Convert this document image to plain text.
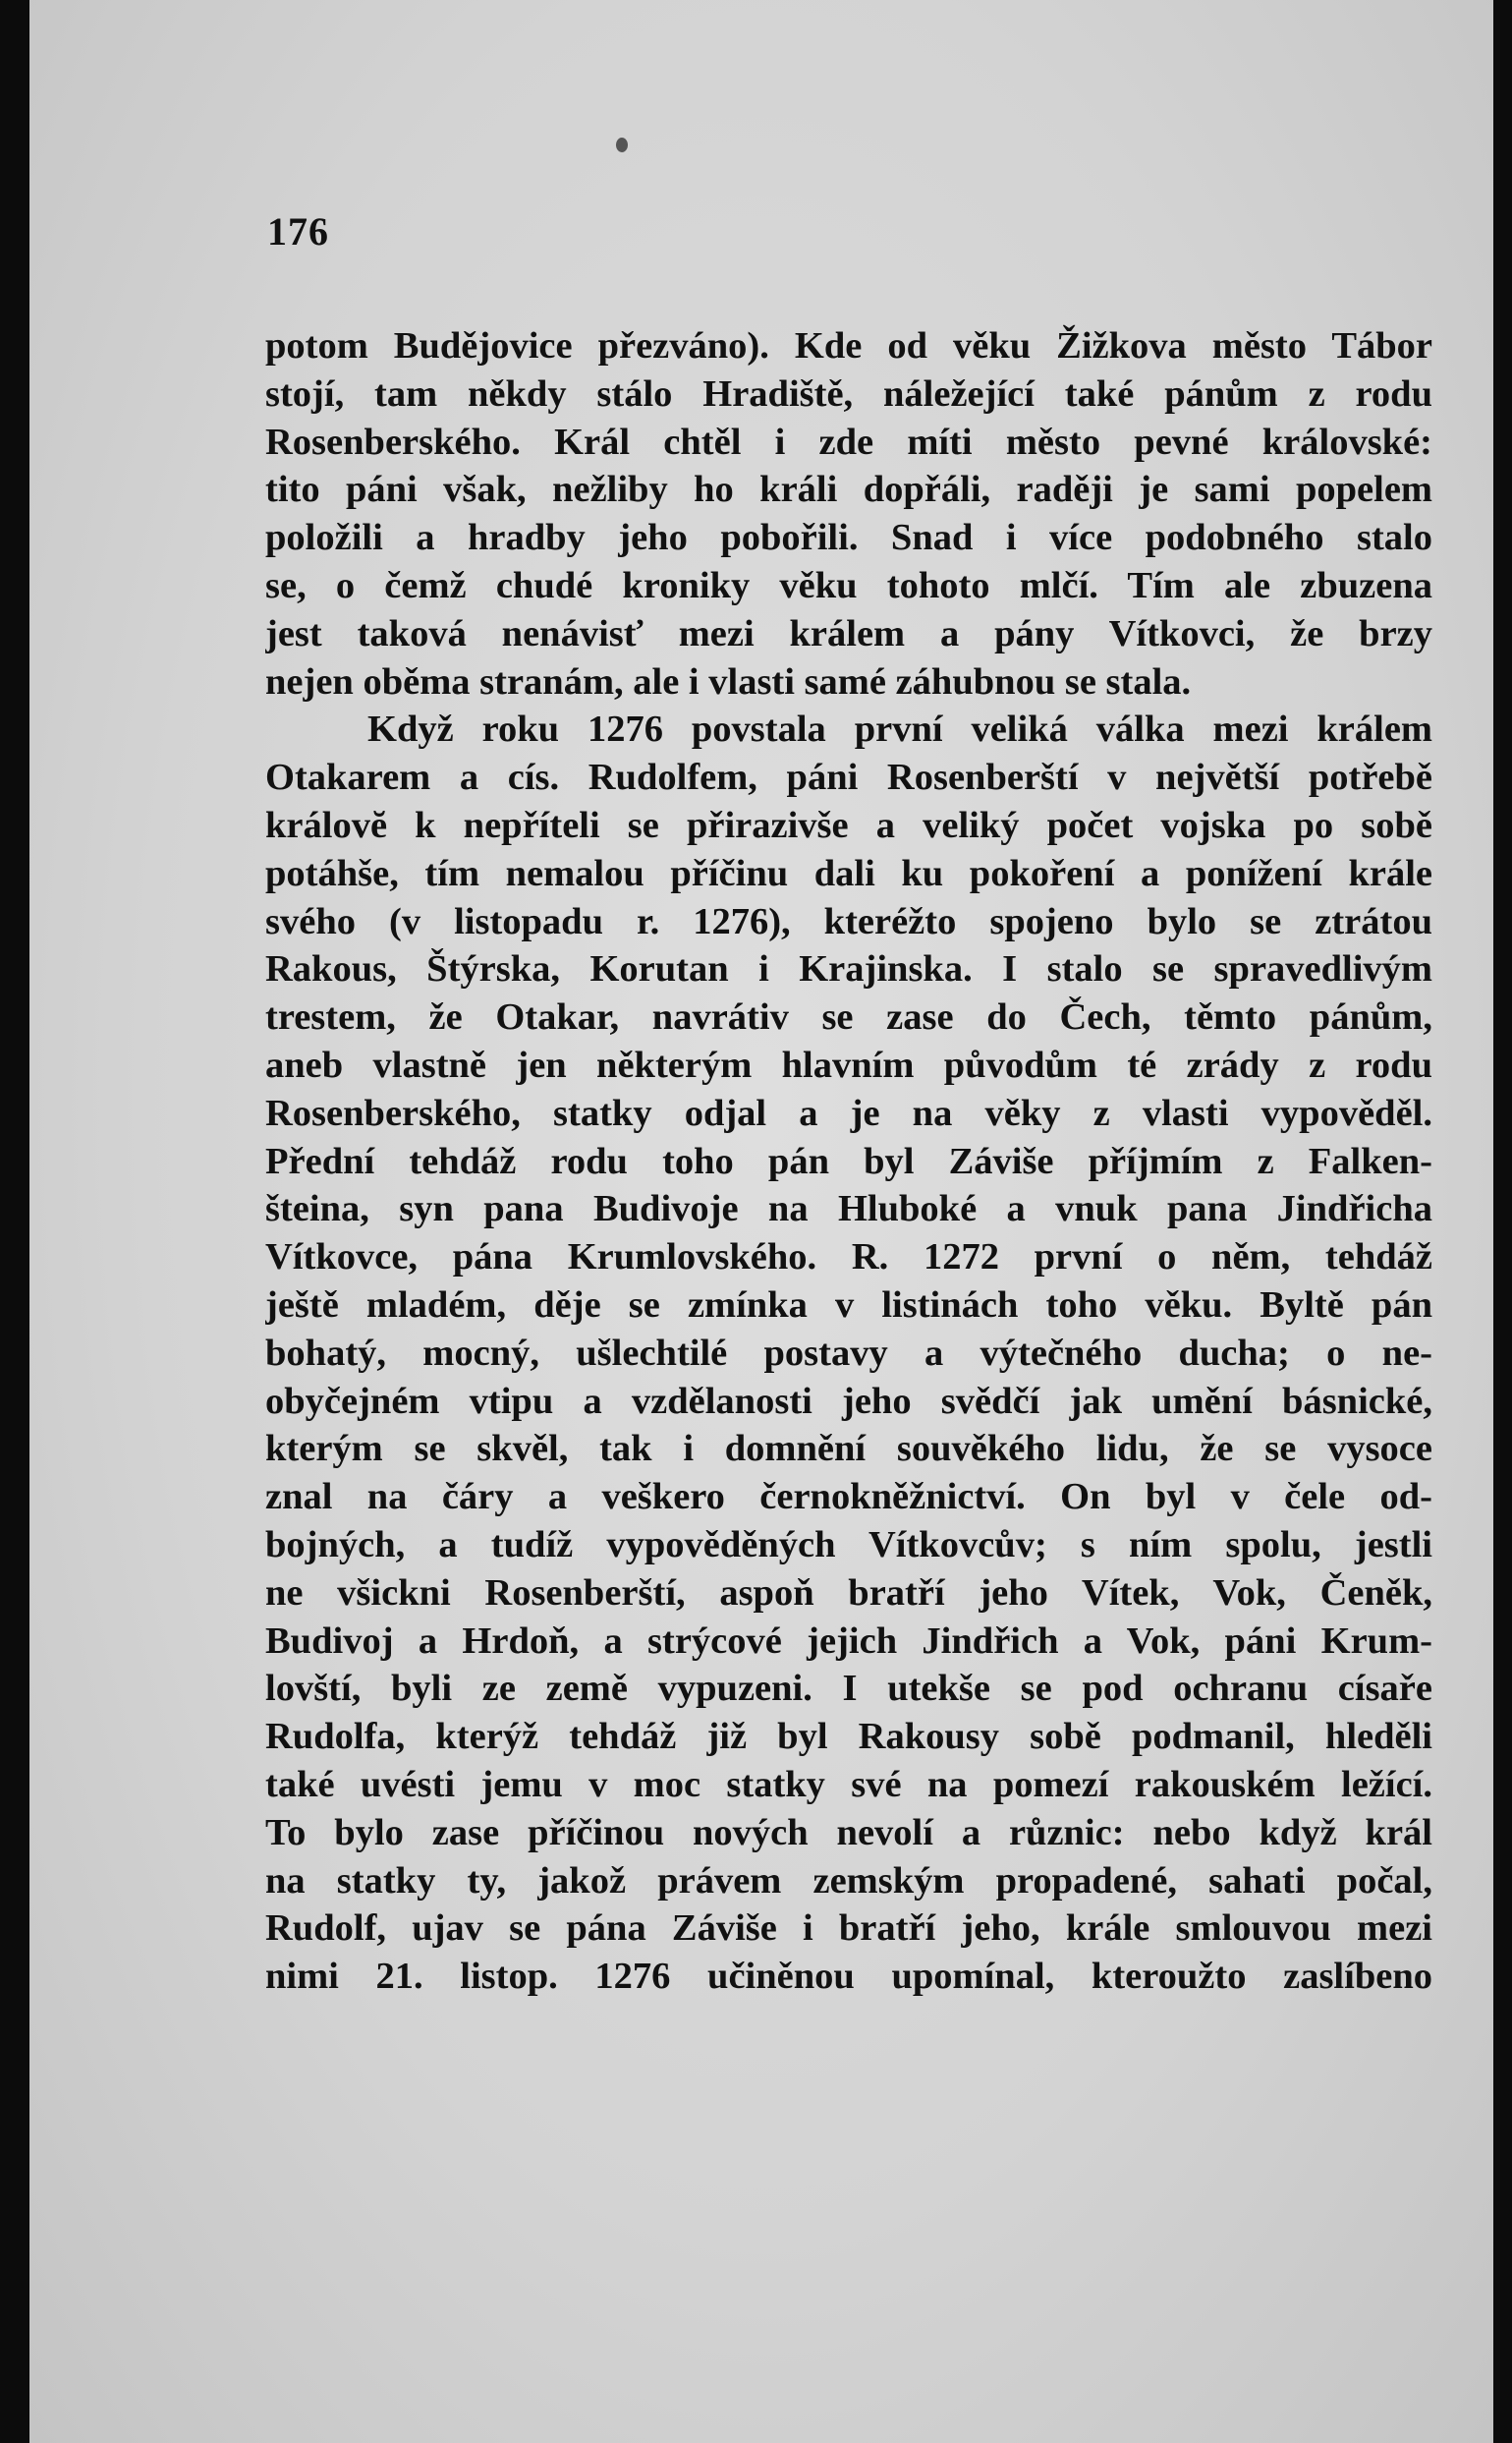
176
potom Budějovice přezváno). Kde od věku Žižkova město Tábor
stojí, tam někdy stálo Hradiště, náležející také pánům z rodu
Rosenberského. Král chtěl i zde míti město pevné královské:
tito páni však, nežliby ho králi dopřáli, raději je sami popelem
položili a hradby jeho pobořili. Snad i více podobného stalo
se, o čemž chudé kroniky věku tohoto mlčí. Tím ale zbuzena
jest taková nenávisť mezi králem a pány Vítkovci, že brzy
nejen oběma stranám, ale i vlasti samé záhubnou se stala.
Když roku 1276 povstala první veliká válka mezi králem
Otakarem a cís. Rudolfem, páni Rosenberští v největší potřebě
královĕ k nepříteli se přirazivše a veliký počet vojska po sobě
potáhše, tím nemalou příčinu dali ku pokoření a ponížení krále
svého (v listopadu r. 1276), kteréžto spojeno bylo se ztrátou
Rakous, Štýrska, Korutan i Krajinska. I stalo se spravedlivým
trestem, že Otakar, navrátiv se zase do Čech, těmto pánům,
aneb vlastně jen některým hlavním původům té zrády z rodu
Rosenberského, statky odjal a je na věky z vlasti vypověděl.
Přední tehdáž rodu toho pán byl Záviše příjmím z Falken-
šteina, syn pana Budivoje na Hluboké a vnuk pana Jindřicha
Vítkovce, pána Krumlovského. R. 1272 první o něm, tehdáž
ještě mladém, děje se zmínka v listinách toho věku. Byltě pán
bohatý, mocný, ušlechtilé postavy a výtečného ducha; o ne-
obyčejném vtipu a vzdělanosti jeho svědčí jak umění básnické,
kterým se skvěl, tak i domnění souvěkého lidu, že se vysoce
znal na čáry a veškero černokněžnictví. On byl v čele od-
bojných, a tudíž vypověděných Vítkovcův; s ním spolu, jestli
ne všickni Rosenberští, aspoň bratří jeho Vítek, Vok, Čeněk,
Budivoj a Hrdoň, a strýcové jejich Jindřich a Vok, páni Krum-
lovští, byli ze země vypuzeni. I utekše se pod ochranu císaře
Rudolfa, kterýž tehdáž již byl Rakousy sobě podmanil, hleděli
také uvésti jemu v moc statky své na pomezí rakouském ležící.
To bylo zase příčinou nových nevolí a různic: nebo když král
na statky ty, jakož právem zemským propadené, sahati počal,
Rudolf, ujav se pána Záviše i bratří jeho, krále smlouvou mezi
nimi 21. listop. 1276 učiněnou upomínal, kteroužto zaslíbeno
